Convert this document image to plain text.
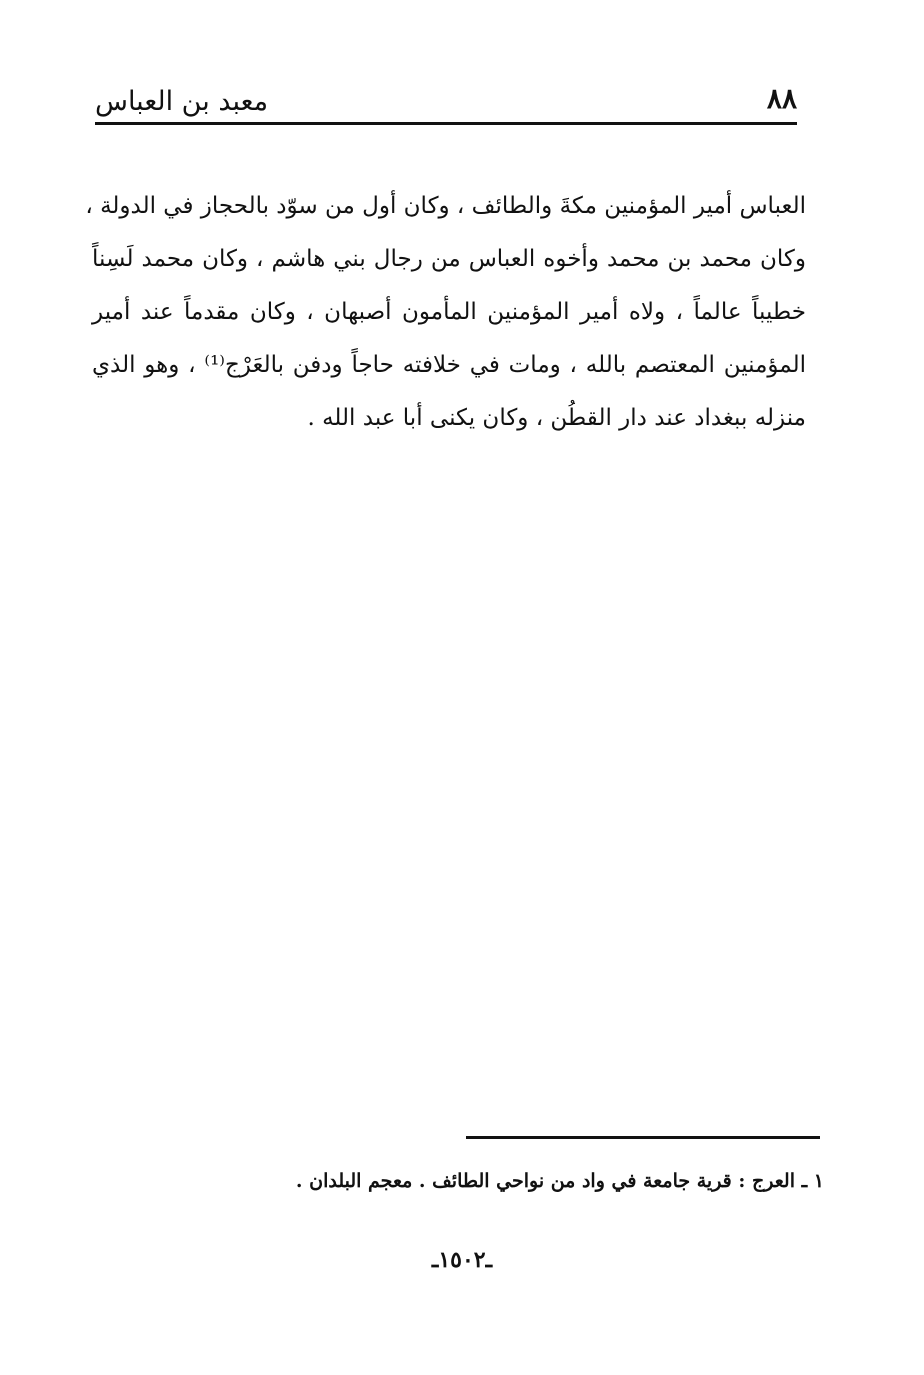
معبد بن العباس	٨٨
العباس أمير المؤمنين مكةَ والطائف ، وكان أول من سوّد بالحجاز في الدولة ،
وكان محمد بن محمد وأخوه العباس من رجال بني هاشم ، وكان محمد لَسِناً
خطيباً عالماً ، ولاه أمير المؤمنين المأمون أصبهان ، وكان مقدماً عند أمير
المؤمنين المعتصم بالله ، ومات في خلافته حاجاً ودفن بالعَرْج⁽¹⁾ ، وهو الذي
منزله ببغداد عند دار القطُن ، وكان يكنى أبا عبد الله .
١ ـ العرج : قرية جامعة في واد من نواحي الطائف . معجم البلدان .
ـ١٥٠٢ـ
